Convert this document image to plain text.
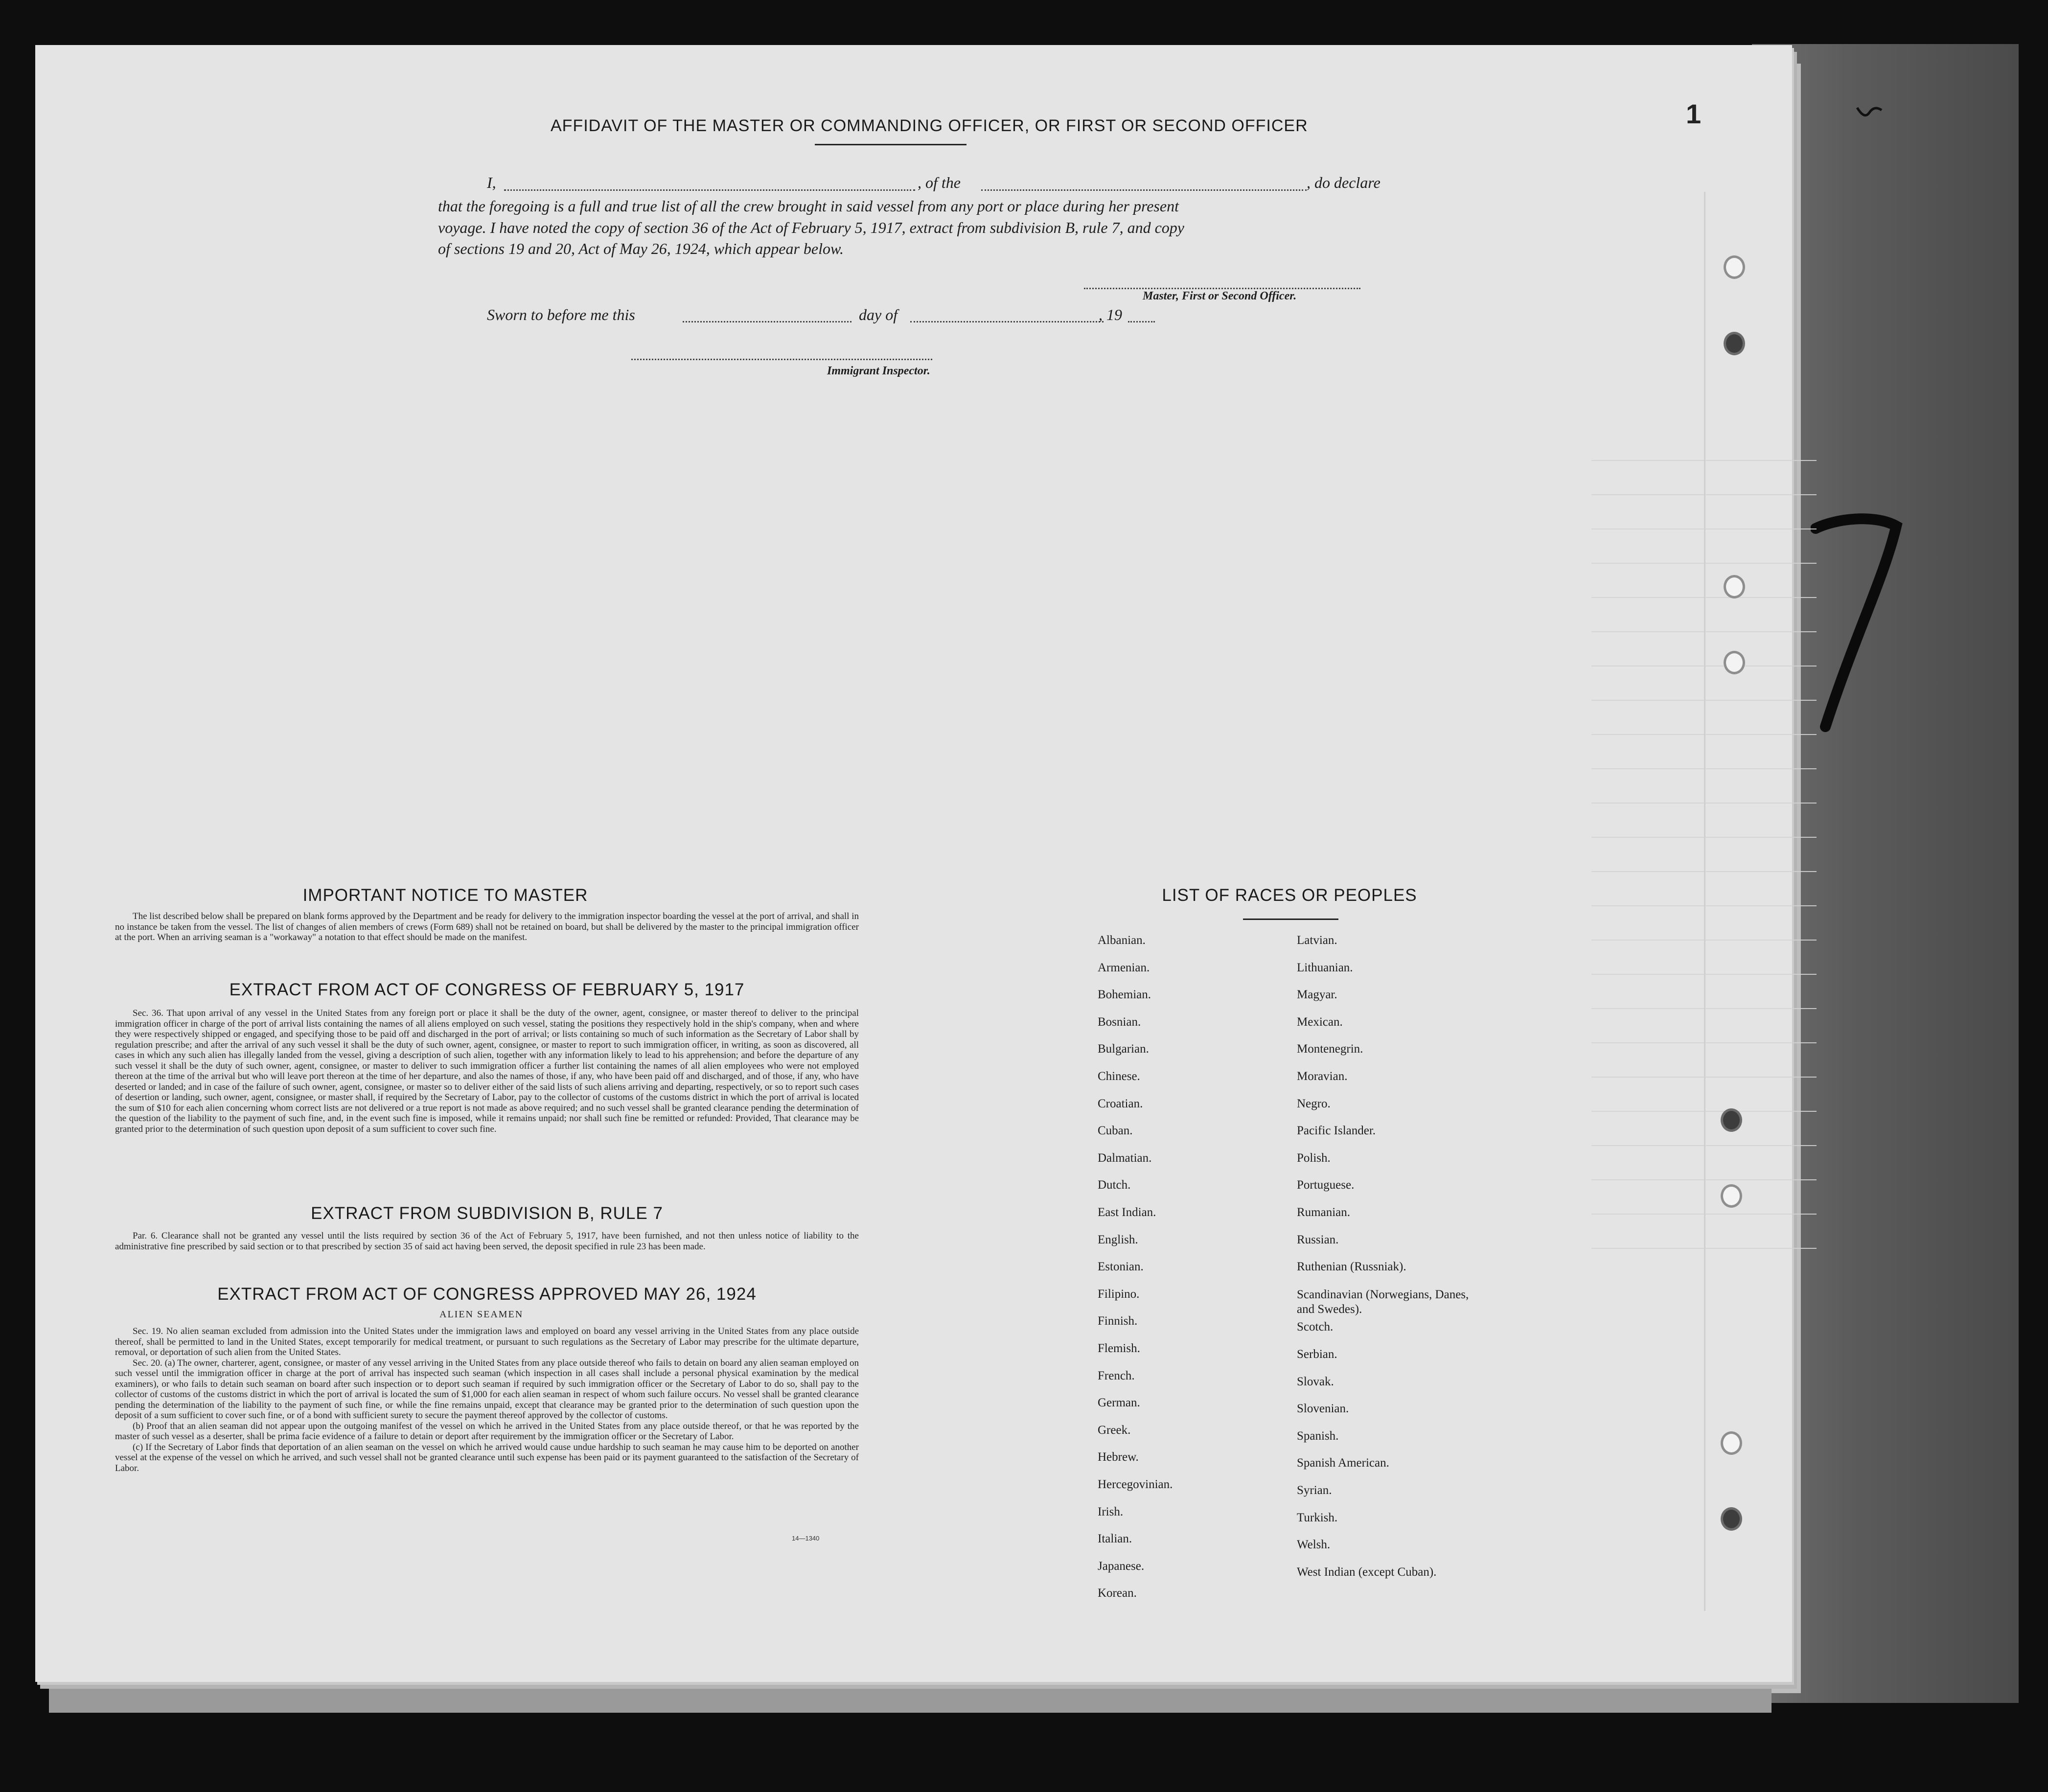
1
AFFIDAVIT OF THE MASTER OR COMMANDING OFFICER, OR FIRST OR SECOND OFFICER
I,	, of the	, do declare
that the foregoing is a full and true list of all the crew brought in said vessel from any port or place during her present
voyage. I have noted the copy of section 36 of the Act of February 5, 1917, extract from subdivision B, rule 7, and copy
of sections 19 and 20, Act of May 26, 1924, which appear below.
Master, First or Second Officer.
Sworn to before me this	day of	, 19
Immigrant Inspector.
IMPORTANT NOTICE TO MASTER

The list described below shall be prepared on blank forms approved by the Department and be ready for delivery to the immigration inspector boarding the vessel at the port of arrival, and shall in no instance be taken from the vessel. The list of changes of alien members of crews (Form 689) shall not be retained on board, but shall be delivered by the master to the principal immigration officer at the port. When an arriving seaman is a "workaway" a notation to that effect should be made on the manifest.

EXTRACT FROM ACT OF CONGRESS OF FEBRUARY 5, 1917

Sec. 36. That upon arrival of any vessel in the United States from any foreign port or place it shall be the duty of the owner, agent, consignee, or master thereof to deliver to the principal immigration officer in charge of the port of arrival lists containing the names of all aliens employed on such vessel, stating the positions they respectively hold in the ship's company, when and where they were respectively shipped or engaged, and specifying those to be paid off and discharged in the port of arrival; or lists containing so much of such information as the Secretary of Labor shall by regulation prescribe; and after the arrival of any such vessel it shall be the duty of such owner, agent, consignee, or master to report to such immigration officer, in writing, as soon as discovered, all cases in which any such alien has illegally landed from the vessel, giving a description of such alien, together with any information likely to lead to his apprehension; and before the departure of any such vessel it shall be the duty of such owner, agent, consignee, or master to deliver to such immigration officer a further list containing the names of all alien employees who were not employed thereon at the time of the arrival but who will leave port thereon at the time of her departure, and also the names of those, if any, who have been paid off and discharged, and of those, if any, who have deserted or landed; and in case of the failure of such owner, agent, consignee, or master so to deliver either of the said lists of such aliens arriving and departing, respectively, or so to report such cases of desertion or landing, such owner, agent, consignee, or master shall, if required by the Secretary of Labor, pay to the collector of customs of the customs district in which the port of arrival is located the sum of $10 for each alien concerning whom correct lists are not delivered or a true report is not made as above required; and no such vessel shall be granted clearance pending the determination of the question of the liability to the payment of such fine, and, in the event such fine is imposed, while it remains unpaid; nor shall such fine be remitted or refunded: Provided, That clearance may be granted prior to the determination of such question upon deposit of a sum sufficient to cover such fine.

EXTRACT FROM SUBDIVISION B, RULE 7

Par. 6. Clearance shall not be granted any vessel until the lists required by section 36 of the Act of February 5, 1917, have been furnished, and not then unless notice of liability to the administrative fine prescribed by said section or to that prescribed by section 35 of said act having been served, the deposit specified in rule 23 has been made.

EXTRACT FROM ACT OF CONGRESS APPROVED MAY 26, 1924
ALIEN SEAMEN

Sec. 19. No alien seaman excluded from admission into the United States under the immigration laws and employed on board any vessel arriving in the United States from any place outside thereof, shall be permitted to land in the United States, except temporarily for medical treatment, or pursuant to such regulations as the Secretary of Labor may prescribe for the ultimate departure, removal, or deportation of such alien from the United States.

Sec. 20. (a) The owner, charterer, agent, consignee, or master of any vessel arriving in the United States from any place outside thereof who fails to detain on board any alien seaman employed on such vessel until the immigration officer in charge at the port of arrival has inspected such seaman (which inspection in all cases shall include a personal physical examination by the medical examiners), or who fails to detain such seaman on board after such inspection or to deport such seaman if required by such immigration officer or the Secretary of Labor to do so, shall pay to the collector of customs of the customs district in which the port of arrival is located the sum of $1,000 for each alien seaman in respect of whom such failure occurs. No vessel shall be granted clearance pending the determination of the liability to the payment of such fine, or while the fine remains unpaid, except that clearance may be granted prior to the determination of such question upon the deposit of a sum sufficient to cover such fine, or of a bond with sufficient surety to secure the payment thereof approved by the collector of customs.

(b) Proof that an alien seaman did not appear upon the outgoing manifest of the vessel on which he arrived in the United States from any place outside thereof, or that he was reported by the master of such vessel as a deserter, shall be prima facie evidence of a failure to detain or deport after requirement by the immigration officer or the Secretary of Labor.

(c) If the Secretary of Labor finds that deportation of an alien seaman on the vessel on which he arrived would cause undue hardship to such seaman he may cause him to be deported on another vessel at the expense of the vessel on which he arrived, and such vessel shall not be granted clearance until such expense has been paid or its payment guaranteed to the satisfaction of the Secretary of Labor.

14—1340
LIST OF RACES OR PEOPLES
Albanian.
Armenian.
Bohemian.
Bosnian.
Bulgarian.
Chinese.
Croatian.
Cuban.
Dalmatian.
Dutch.
East Indian.
English.
Estonian.
Filipino.
Finnish.
Flemish.
French.
German.
Greek.
Hebrew.
Hercegovinian.
Irish.
Italian.
Japanese.
Korean.
Latvian.
Lithuanian.
Magyar.
Mexican.
Montenegrin.
Moravian.
Negro.
Pacific Islander.
Polish.
Portuguese.
Rumanian.
Russian.
Ruthenian (Russniak).
Scandinavian (Norwegians, Danes, and Swedes).
Scotch.
Serbian.
Slovak.
Slovenian.
Spanish.
Spanish American.
Syrian.
Turkish.
Welsh.
West Indian (except Cuban).
